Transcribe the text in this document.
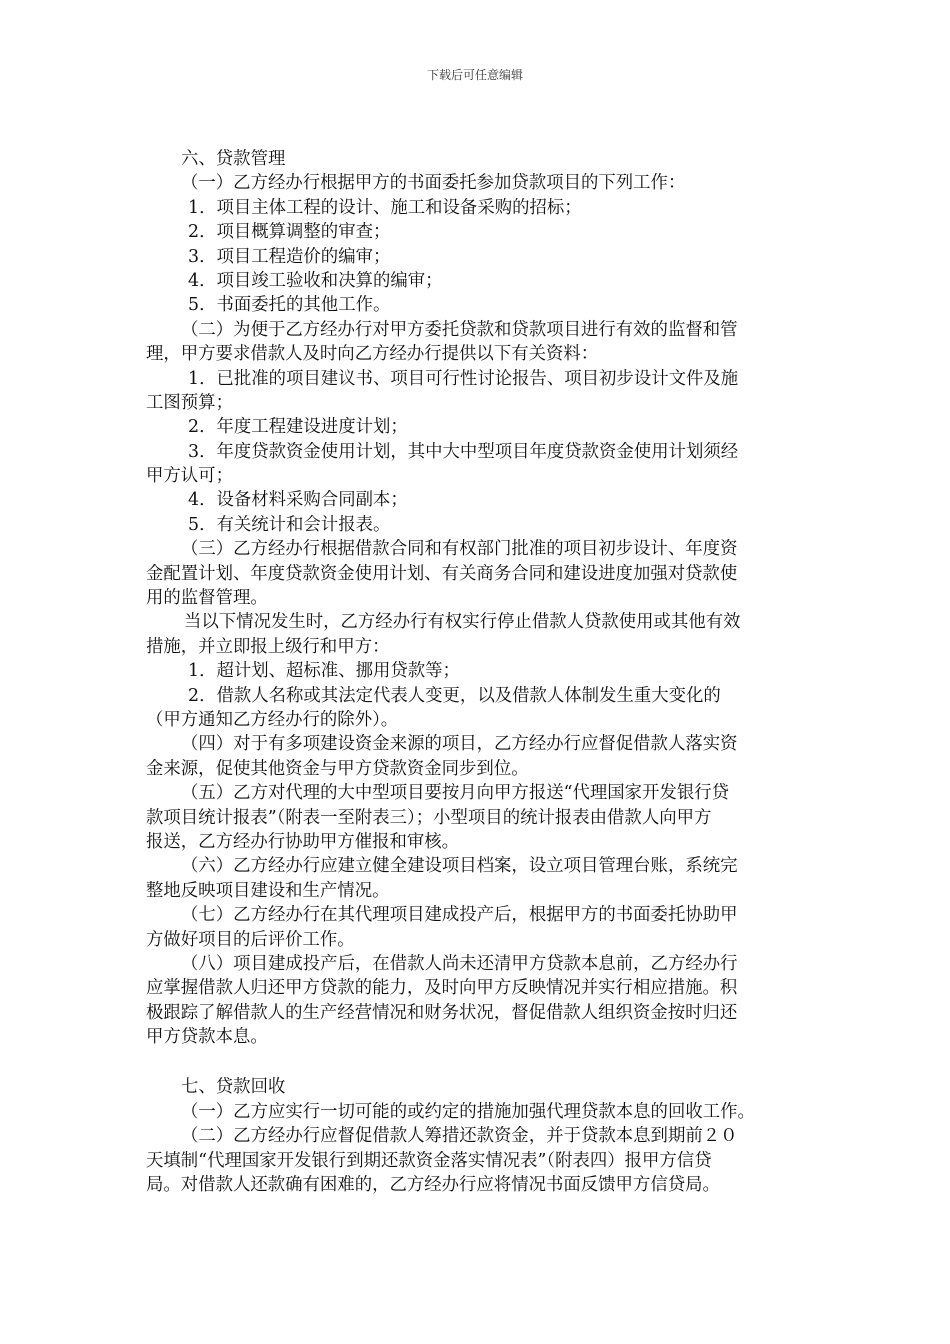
下载后可任意编辑
六、贷款管理
（一）乙方经办行根据甲方的书面委托参加贷款项目的下列工作：
1．项目主体工程的设计、施工和设备采购的招标；
2．项目概算调整的审查；
3．项目工程造价的编审；
4．项目竣工验收和决算的编审；
5．书面委托的其他工作。
（二）为便于乙方经办行对甲方委托贷款和贷款项目进行有效的监督和管
理，甲方要求借款人及时向乙方经办行提供以下有关资料：
1．已批准的项目建议书、项目可行性讨论报告、项目初步设计文件及施
工图预算；
2．年度工程建设进度计划；
3．年度贷款资金使用计划，其中大中型项目年度贷款资金使用计划须经
甲方认可；
4．设备材料采购合同副本；
5．有关统计和会计报表。
（三）乙方经办行根据借款合同和有权部门批准的项目初步设计、年度资
金配置计划、年度贷款资金使用计划、有关商务合同和建设进度加强对贷款使
用的监督管理。
当以下情况发生时，乙方经办行有权实行停止借款人贷款使用或其他有效
措施，并立即报上级行和甲方：
1．超计划、超标准、挪用贷款等；
2．借款人名称或其法定代表人变更，以及借款人体制发生重大变化的
（甲方通知乙方经办行的除外）。
（四）对于有多项建设资金来源的项目，乙方经办行应督促借款人落实资
金来源，促使其他资金与甲方贷款资金同步到位。
（五）乙方对代理的大中型项目要按月向甲方报送“代理国家开发银行贷
款项目统计报表”（附表一至附表三）；小型项目的统计报表由借款人向甲方
报送，乙方经办行协助甲方催报和审核。
（六）乙方经办行应建立健全建设项目档案，设立项目管理台账，系统完
整地反映项目建设和生产情况。
（七）乙方经办行在其代理项目建成投产后，根据甲方的书面委托协助甲
方做好项目的后评价工作。
（八）项目建成投产后，在借款人尚未还清甲方贷款本息前，乙方经办行
应掌握借款人归还甲方贷款的能力，及时向甲方反映情况并实行相应措施。积
极跟踪了解借款人的生产经营情况和财务状况，督促借款人组织资金按时归还
甲方贷款本息。
七、贷款回收
（一）乙方应实行一切可能的或约定的措施加强代理贷款本息的回收工作。
（二）乙方经办行应督促借款人筹措还款资金，并于贷款本息到期前２０
天填制“代理国家开发银行到期还款资金落实情况表”（附表四）报甲方信贷
局。对借款人还款确有困难的，乙方经办行应将情况书面反馈甲方信贷局。
